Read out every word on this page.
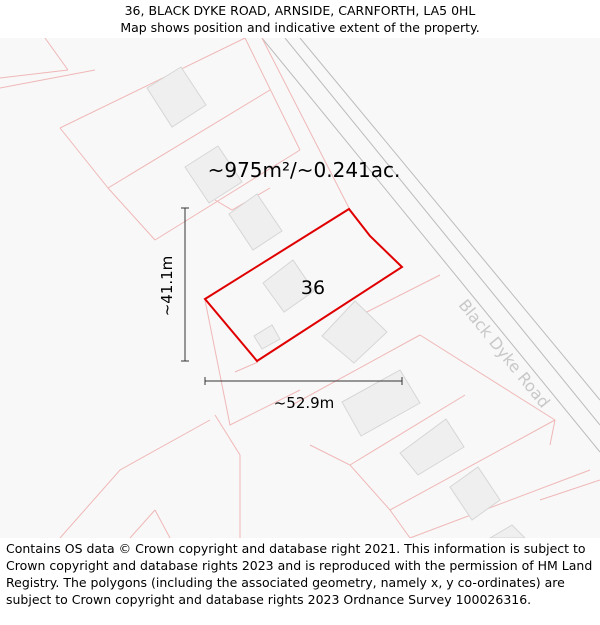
36, BLACK DYKE ROAD, ARNSIDE, CARNFORTH, LA5 0HL
Map shows position and indicative extent of the property.
~975m²/~0.241ac.
36
~41.1m
~52.9m	Black Dyke Road
Contains OS data © Crown copyright and database right 2021. This information is subject to Crown copyright and database rights 2023 and is reproduced with the permission of HM Land Registry. The polygons (including the associated geometry, namely x, y co-ordinates) are subject to Crown copyright and database rights 2023 Ordnance Survey 100026316.
